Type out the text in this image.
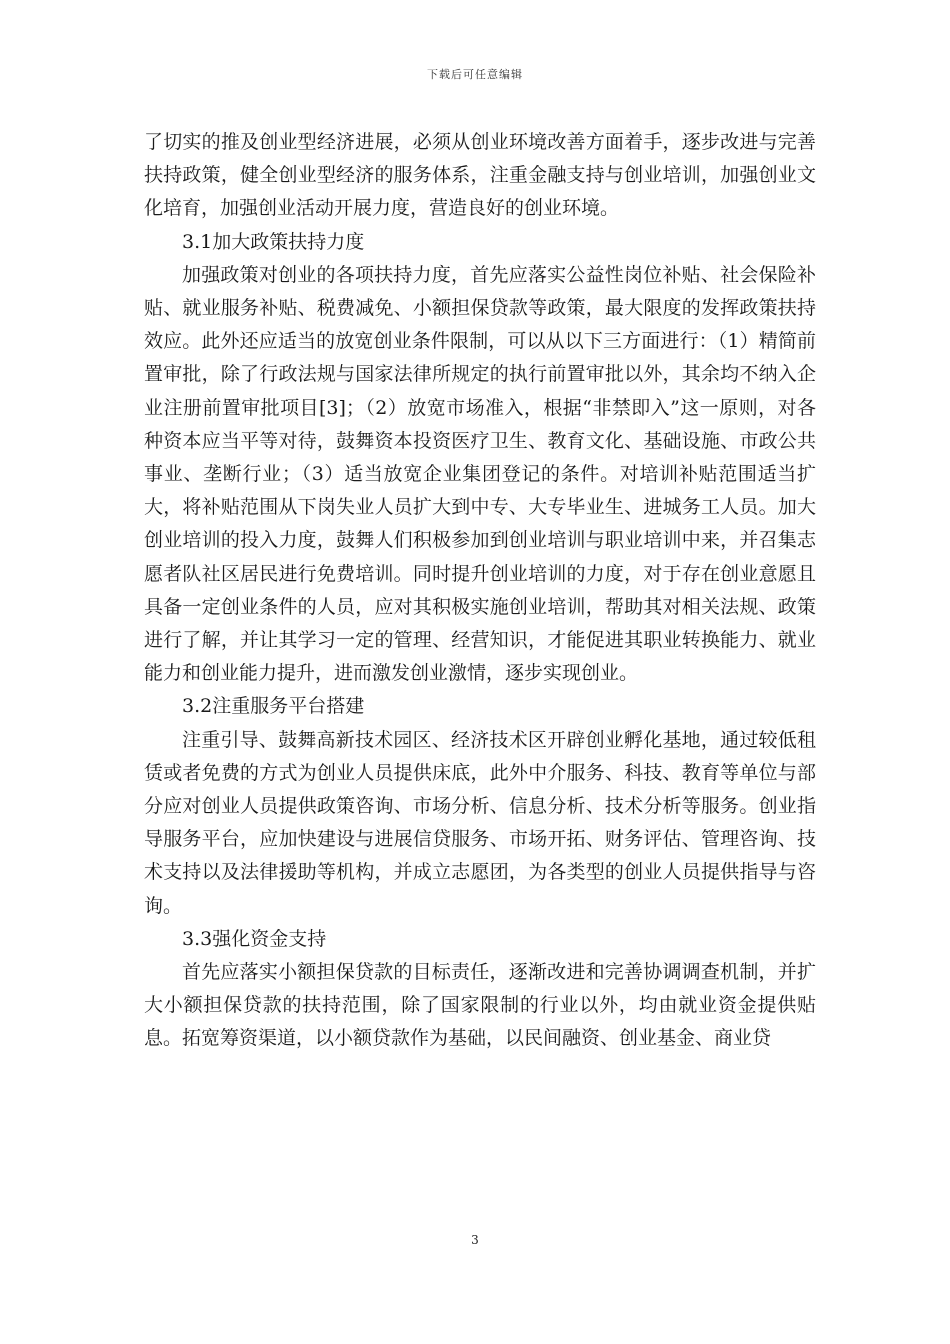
下载后可任意编辑

了切实的推及创业型经济进展，必须从创业环境改善方面着手，逐步改进与完善扶持政策，健全创业型经济的服务体系，注重金融支持与创业培训，加强创业文化培育，加强创业活动开展力度，营造良好的创业环境。

3.1加大政策扶持力度

加强政策对创业的各项扶持力度，首先应落实公益性岗位补贴、社会保险补贴、就业服务补贴、税费减免、小额担保贷款等政策，最大限度的发挥政策扶持效应。此外还应适当的放宽创业条件限制，可以从以下三方面进行：（1）精简前置审批，除了行政法规与国家法律所规定的执行前置审批以外，其余均不纳入企业注册前置审批项目[3]；（2）放宽市场准入，根据“非禁即入”这一原则，对各种资本应当平等对待，鼓舞资本投资医疗卫生、教育文化、基础设施、市政公共事业、垄断行业；（3）适当放宽企业集团登记的条件。对培训补贴范围适当扩大，将补贴范围从下岗失业人员扩大到中专、大专毕业生、进城务工人员。加大创业培训的投入力度，鼓舞人们积极参加到创业培训与职业培训中来，并召集志愿者队社区居民进行免费培训。同时提升创业培训的力度，对于存在创业意愿且具备一定创业条件的人员，应对其积极实施创业培训，帮助其对相关法规、政策进行了解，并让其学习一定的管理、经营知识，才能促进其职业转换能力、就业能力和创业能力提升，进而激发创业激情，逐步实现创业。

3.2注重服务平台搭建

注重引导、鼓舞高新技术园区、经济技术区开辟创业孵化基地，通过较低租赁或者免费的方式为创业人员提供床底，此外中介服务、科技、教育等单位与部分应对创业人员提供政策咨询、市场分析、信息分析、技术分析等服务。创业指导服务平台，应加快建设与进展信贷服务、市场开拓、财务评估、管理咨询、技术支持以及法律援助等机构，并成立志愿团，为各类型的创业人员提供指导与咨询。

3.3强化资金支持

首先应落实小额担保贷款的目标责任，逐渐改进和完善协调调查机制，并扩大小额担保贷款的扶持范围，除了国家限制的行业以外，均由就业资金提供贴息。拓宽筹资渠道，以小额贷款作为基础，以民间融资、创业基金、商业贷

3
